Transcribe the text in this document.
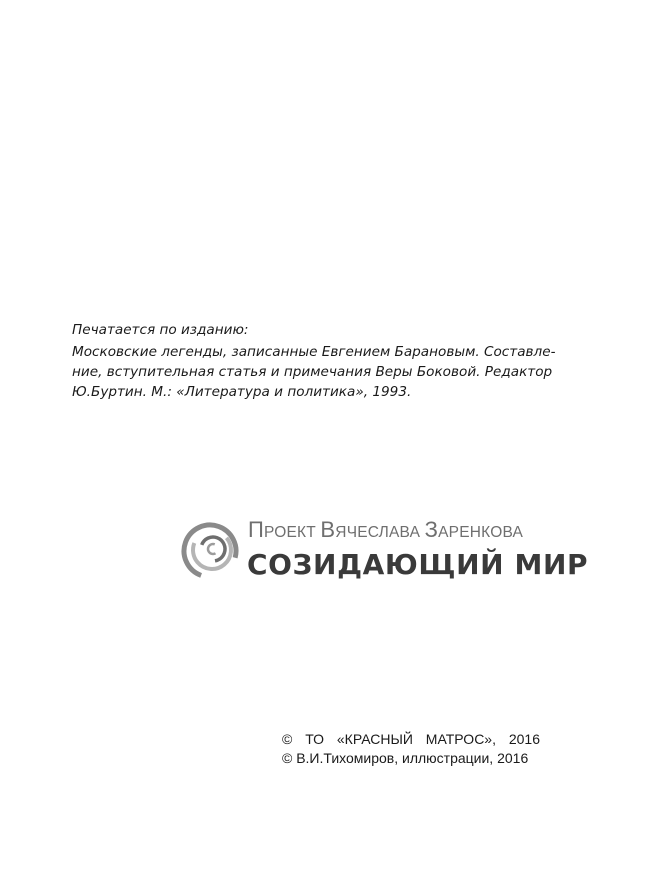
Печатается по изданию:

Московские легенды, записанные Евгением Барановым. Составле-

ние, вступительная статья и примечания Веры Боковой. Редактор

Ю.Буртин. М.: «Литература и политика», 1993.

ПРОЕКТ ВЯЧЕСЛАВА ЗАРЕНКОВА
СОЗИДАЮЩИЙ МИР

© ТО «КРАСНЫЙ МАТРОС», 2016

© В.И.Тихомиров, иллюстрации, 2016
